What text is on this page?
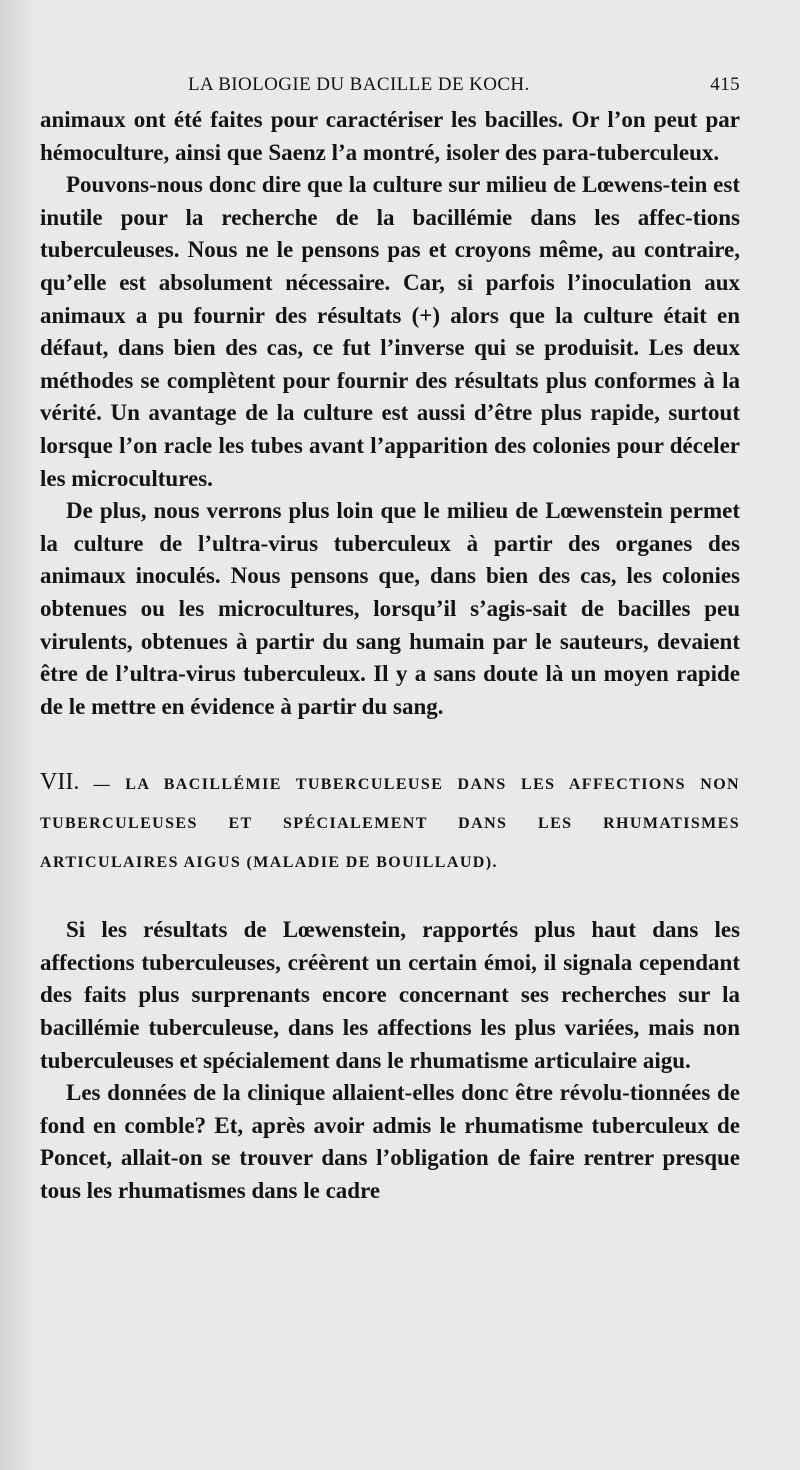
LA BIOLOGIE DU BACILLE DE KOCH.	415

animaux ont été faites pour caractériser les bacilles. Or l’on peut par hémoculture, ainsi que Saenz l’a montré, isoler des para-tuberculeux.

Pouvons-nous donc dire que la culture sur milieu de Lœwens-tein est inutile pour la recherche de la bacillémie dans les affec-tions tuberculeuses. Nous ne le pensons pas et croyons même, au contraire, qu’elle est absolument nécessaire. Car, si parfois l’inoculation aux animaux a pu fournir des résultats (+) alors que la culture était en défaut, dans bien des cas, ce fut l’inverse qui se produisit. Les deux méthodes se complètent pour fournir des résultats plus conformes à la vérité. Un avantage de la culture est aussi d’être plus rapide, surtout lorsque l’on racle les tubes avant l’apparition des colonies pour déceler les microcultures.

De plus, nous verrons plus loin que le milieu de Lœwenstein permet la culture de l’ultra-virus tuberculeux à partir des organes des animaux inoculés. Nous pensons que, dans bien des cas, les colonies obtenues ou les microcultures, lorsqu’il s’agis-sait de bacilles peu virulents, obtenues à partir du sang humain par le sauteurs, devaient être de l’ultra-virus tuberculeux. Il y a sans doute là un moyen rapide de le mettre en évidence à partir du sang.

VII. — LA BACILLÉMIE TUBERCULEUSE DANS LES AFFECTIONS NON TUBERCULEUSES ET SPÉCIALEMENT DANS LES RHUMATISMES ARTICULAIRES AIGUS (MALADIE DE BOUILLAUD).

Si les résultats de Lœwenstein, rapportés plus haut dans les affections tuberculeuses, créèrent un certain émoi, il signala cependant des faits plus surprenants encore concernant ses recherches sur la bacillémie tuberculeuse, dans les affections les plus variées, mais non tuberculeuses et spécialement dans le rhumatisme articulaire aigu.

Les données de la clinique allaient-elles donc être révolu-tionnées de fond en comble? Et, après avoir admis le rhumatisme tuberculeux de Poncet, allait-on se trouver dans l’obligation de faire rentrer presque tous les rhumatismes dans le cadre
